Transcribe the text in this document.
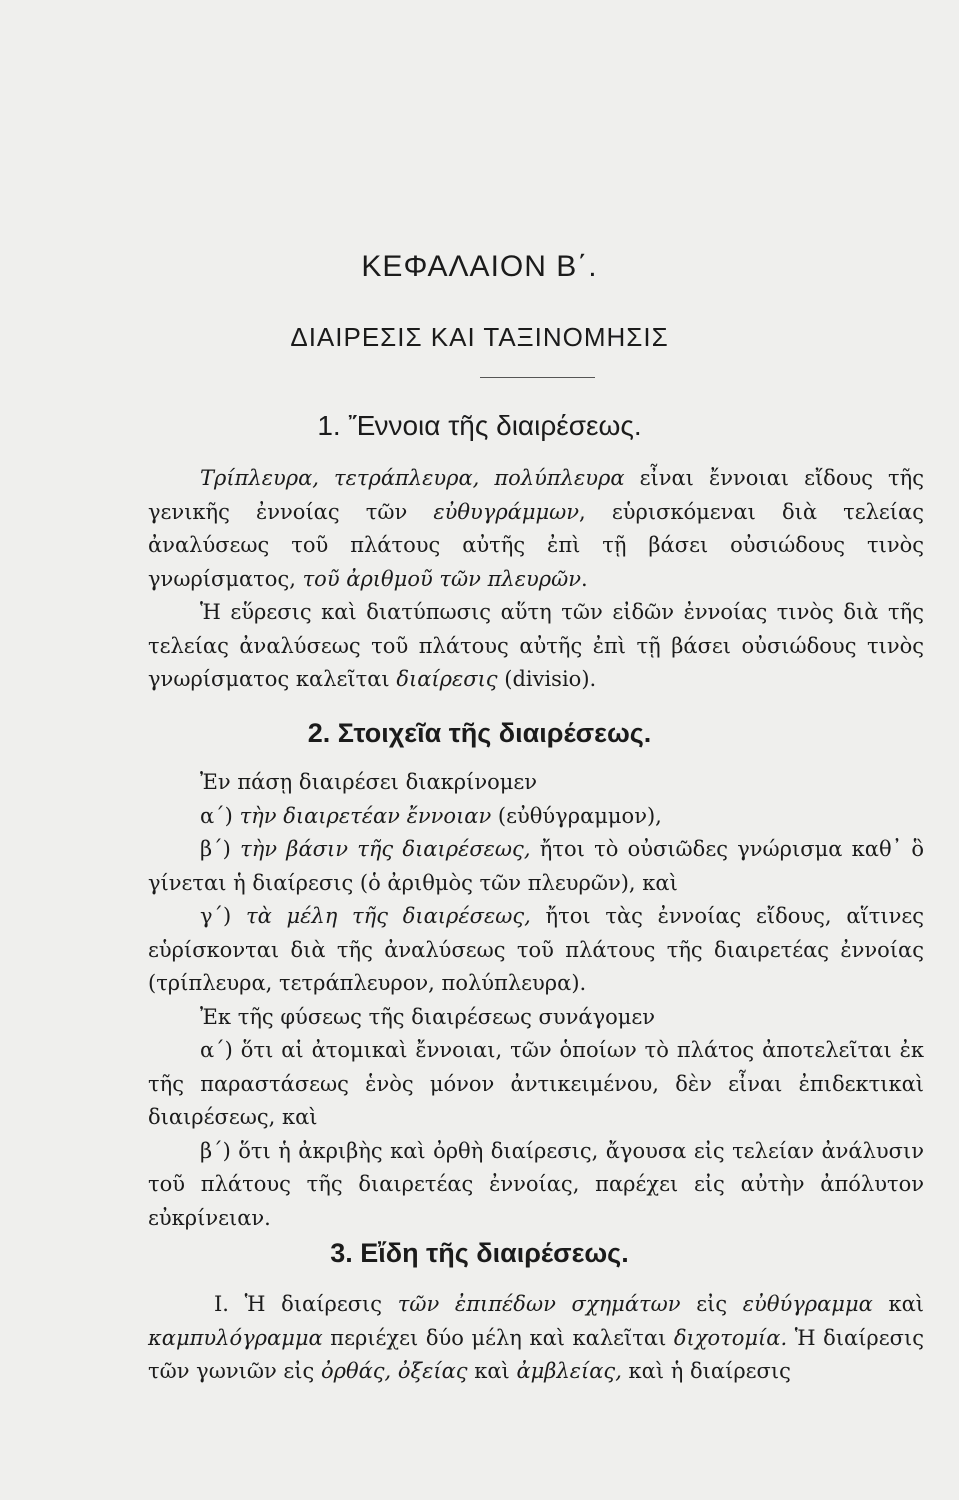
ΚΕΦΑΛΑΙΟΝ Β΄.
ΔΙΑΙΡΕΣΙΣ ΚΑΙ ΤΑΞΙΝΟΜΗΣΙΣ
1. Ἔννοια τῆς διαιρέσεως.

Τρίπλευρα, τετράπλευρα, πολύπλευρα εἶναι ἔννοιαι εἴδους τῆς γενικῆς ἐννοίας τῶν εὐθυγράμμων, εὑρισκόμεναι διὰ τελείας ἀναλύσεως τοῦ πλάτους αὐτῆς ἐπὶ τῇ βάσει οὐσιώδους τινὸς γνωρίσματος, τοῦ ἀριθμοῦ τῶν πλευρῶν.

Ἡ εὕρεσις καὶ διατύπωσις αὕτη τῶν εἰδῶν ἐννοίας τινὸς διὰ τῆς τελείας ἀναλύσεως τοῦ πλάτους αὐτῆς ἐπὶ τῇ βάσει οὐσιώδους τινὸς γνωρίσματος καλεῖται διαίρεσις (divisio).

2. Στοιχεῖα τῆς διαιρέσεως.

Ἐν πάσῃ διαιρέσει διακρίνομεν

α΄) τὴν διαιρετέαν ἔννοιαν (εὐθύγραμμον),

β΄) τὴν βάσιν τῆς διαιρέσεως, ἤτοι τὸ οὐσιῶδες γνώρισμα καθ᾽ ὃ γίνεται ἡ διαίρεσις (ὁ ἀριθμὸς τῶν πλευρῶν), καὶ

γ΄) τὰ μέλη τῆς διαιρέσεως, ἤτοι τὰς ἐννοίας εἴδους, αἵτινες εὑρίσκονται διὰ τῆς ἀναλύσεως τοῦ πλάτους τῆς διαιρετέας ἐννοίας (τρίπλευρα, τετράπλευρον, πολύπλευρα).

Ἐκ τῆς φύσεως τῆς διαιρέσεως συνάγομεν

α΄) ὅτι αἱ ἀτομικαὶ ἔννοιαι, τῶν ὁποίων τὸ πλάτος ἀποτελεῖται ἐκ τῆς παραστάσεως ἑνὸς μόνον ἀντικειμένου, δὲν εἶναι ἐπιδεκτικαὶ διαιρέσεως, καὶ

β΄) ὅτι ἡ ἀκριβὴς καὶ ὀρθὴ διαίρεσις, ἄγουσα εἰς τελείαν ἀνάλυσιν τοῦ πλάτους τῆς διαιρετέας ἐννοίας, παρέχει εἰς αὐτὴν ἀπόλυτον εὐκρίνειαν.

3. Εἴδη τῆς διαιρέσεως.

I. Ἡ διαίρεσις τῶν ἐπιπέδων σχημάτων εἰς εὐθύγραμμα καὶ καμπυλόγραμμα περιέχει δύο μέλη καὶ καλεῖται διχοτομία. Ἡ διαίρεσις τῶν γωνιῶν εἰς ὀρθάς, ὀξείας καὶ ἀμβλείας, καὶ ἡ διαίρεσις
